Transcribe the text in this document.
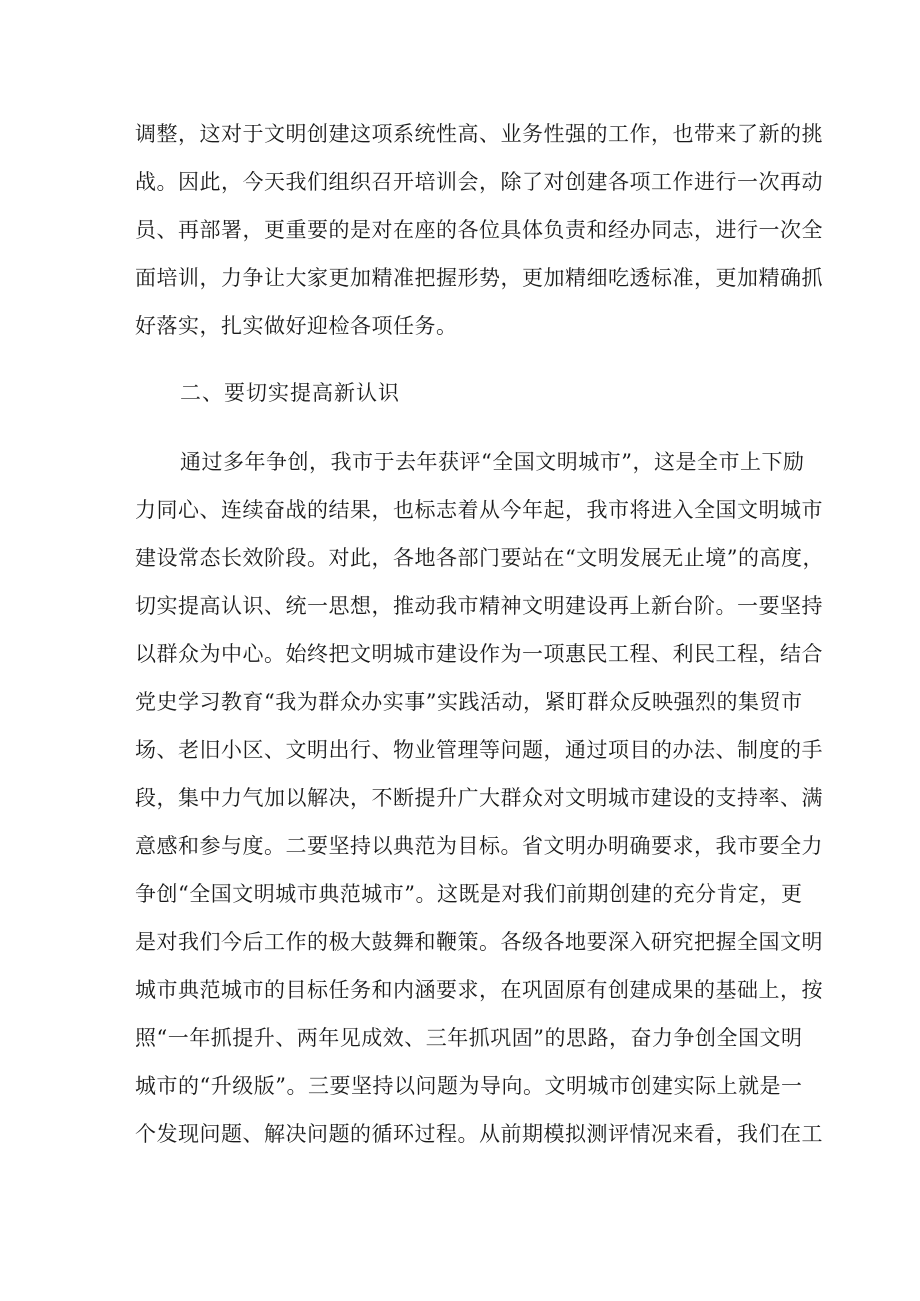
调整，这对于文明创建这项系统性高、业务性强的工作，也带来了新的挑
战。因此，今天我们组织召开培训会，除了对创建各项工作进行一次再动
员、再部署，更重要的是对在座的各位具体负责和经办同志，进行一次全
面培训，力争让大家更加精准把握形势，更加精细吃透标准，更加精确抓
好落实，扎实做好迎检各项任务。
二、要切实提高新认识
通过多年争创，我市于去年获评“全国文明城市”，这是全市上下励
力同心、连续奋战的结果，也标志着从今年起，我市将进入全国文明城市
建设常态长效阶段。对此，各地各部门要站在“文明发展无止境”的高度，
切实提高认识、统一思想，推动我市精神文明建设再上新台阶。一要坚持
以群众为中心。始终把文明城市建设作为一项惠民工程、利民工程，结合
党史学习教育“我为群众办实事”实践活动，紧盯群众反映强烈的集贸市
场、老旧小区、文明出行、物业管理等问题，通过项目的办法、制度的手
段，集中力气加以解决，不断提升广大群众对文明城市建设的支持率、满
意感和参与度。二要坚持以典范为目标。省文明办明确要求，我市要全力
争创“全国文明城市典范城市”。这既是对我们前期创建的充分肯定，更
是对我们今后工作的极大鼓舞和鞭策。各级各地要深入研究把握全国文明
城市典范城市的目标任务和内涵要求，在巩固原有创建成果的基础上，按
照“一年抓提升、两年见成效、三年抓巩固”的思路，奋力争创全国文明
城市的“升级版”。三要坚持以问题为导向。文明城市创建实际上就是一
个发现问题、解决问题的循环过程。从前期模拟测评情况来看，我们在工
